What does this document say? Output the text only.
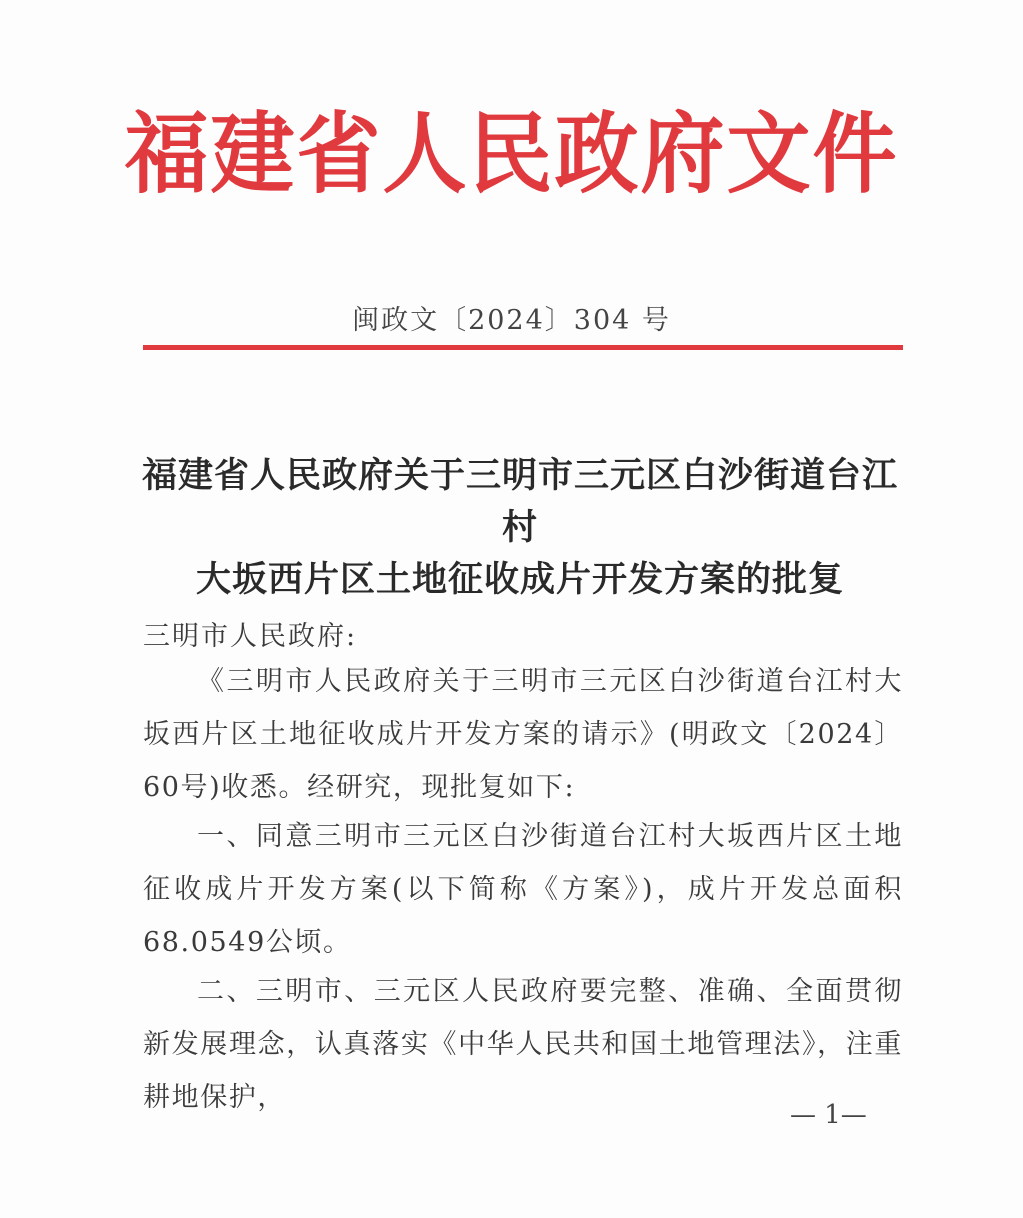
福建省人民政府文件
闽政文〔2024〕304 号
福建省人民政府关于三明市三元区白沙街道台江村
大坂西片区土地征收成片开发方案的批复
三明市人民政府:
《三明市人民政府关于三明市三元区白沙街道台江村大坂西片区土地征收成片开发方案的请示》(明政文〔2024〕60号)收悉。经研究，现批复如下:
一、同意三明市三元区白沙街道台江村大坂西片区土地征收成片开发方案(以下简称《方案》)，成片开发总面积68.0549公顷。
二、三明市、三元区人民政府要完整、准确、全面贯彻新发展理念，认真落实《中华人民共和国土地管理法》，注重耕地保护，
— 1—
